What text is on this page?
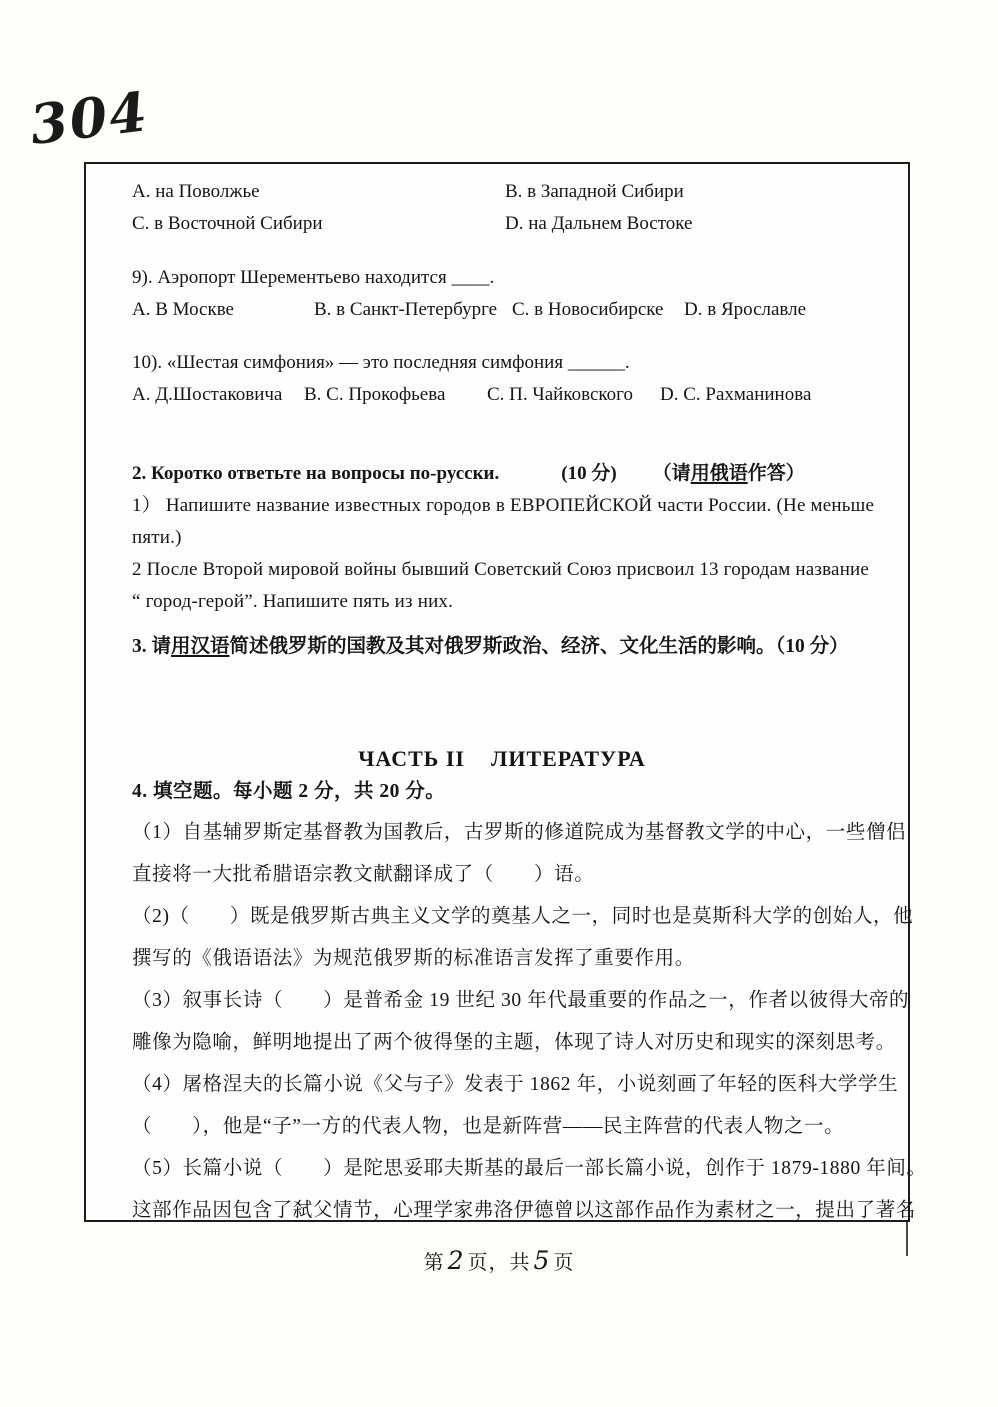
304
A. на Поволжье	B. в Западной Сибири
C. в Восточной Сибири	D. на Дальнем Востоке
9). Аэропорт Шерементьево находится ____.
A. В Москве	B. в Санкт-Петербурге C. в Новосибирске D. в Ярославле
10). «Шестая симфония» — это последняя симфония ______.
A. Д.Шостаковича B. С. Прокофьева C. П. Чайковского D. С. Рахманинова
2. Коротко ответьте на вопросы по-русски.	(10 分) （请用俄语作答）
1） Напишите название известных городов в ЕВРОПЕЙСКОЙ части России. (Не меньше
пяти.)
2 После Второй мировой войны бывший Советский Союз присвоил 13 городам название
“ город-герой”. Напишите пять из них.
3. 请用汉语简述俄罗斯的国教及其对俄罗斯政治、经济、文化生活的影响。（10 分）
ЧАСТЬ II    ЛИТЕРАТУРА
4. 填空题。每小题 2 分，共 20 分。
（1）自基辅罗斯定基督教为国教后，古罗斯的修道院成为基督教文学的中心，一些僧侣
直接将一大批希腊语宗教文献翻译成了（　　）语。
（2)（　　）既是俄罗斯古典主义文学的奠基人之一，同时也是莫斯科大学的创始人，他
撰写的《俄语语法》为规范俄罗斯的标准语言发挥了重要作用。
（3）叙事长诗（　　）是普希金 19 世纪 30 年代最重要的作品之一，作者以彼得大帝的
雕像为隐喻，鲜明地提出了两个彼得堡的主题，体现了诗人对历史和现实的深刻思考。
（4）屠格涅夫的长篇小说《父与子》发表于 1862 年，小说刻画了年轻的医科大学学生
（　　），他是“子”一方的代表人物，也是新阵营——民主阵营的代表人物之一。
（5）长篇小说（　　）是陀思妥耶夫斯基的最后一部长篇小说，创作于 1879-1880 年间。
这部作品因包含了弑父情节，心理学家弗洛伊德曾以这部作品作为素材之一，提出了著名
第 2 页，共 5 页
